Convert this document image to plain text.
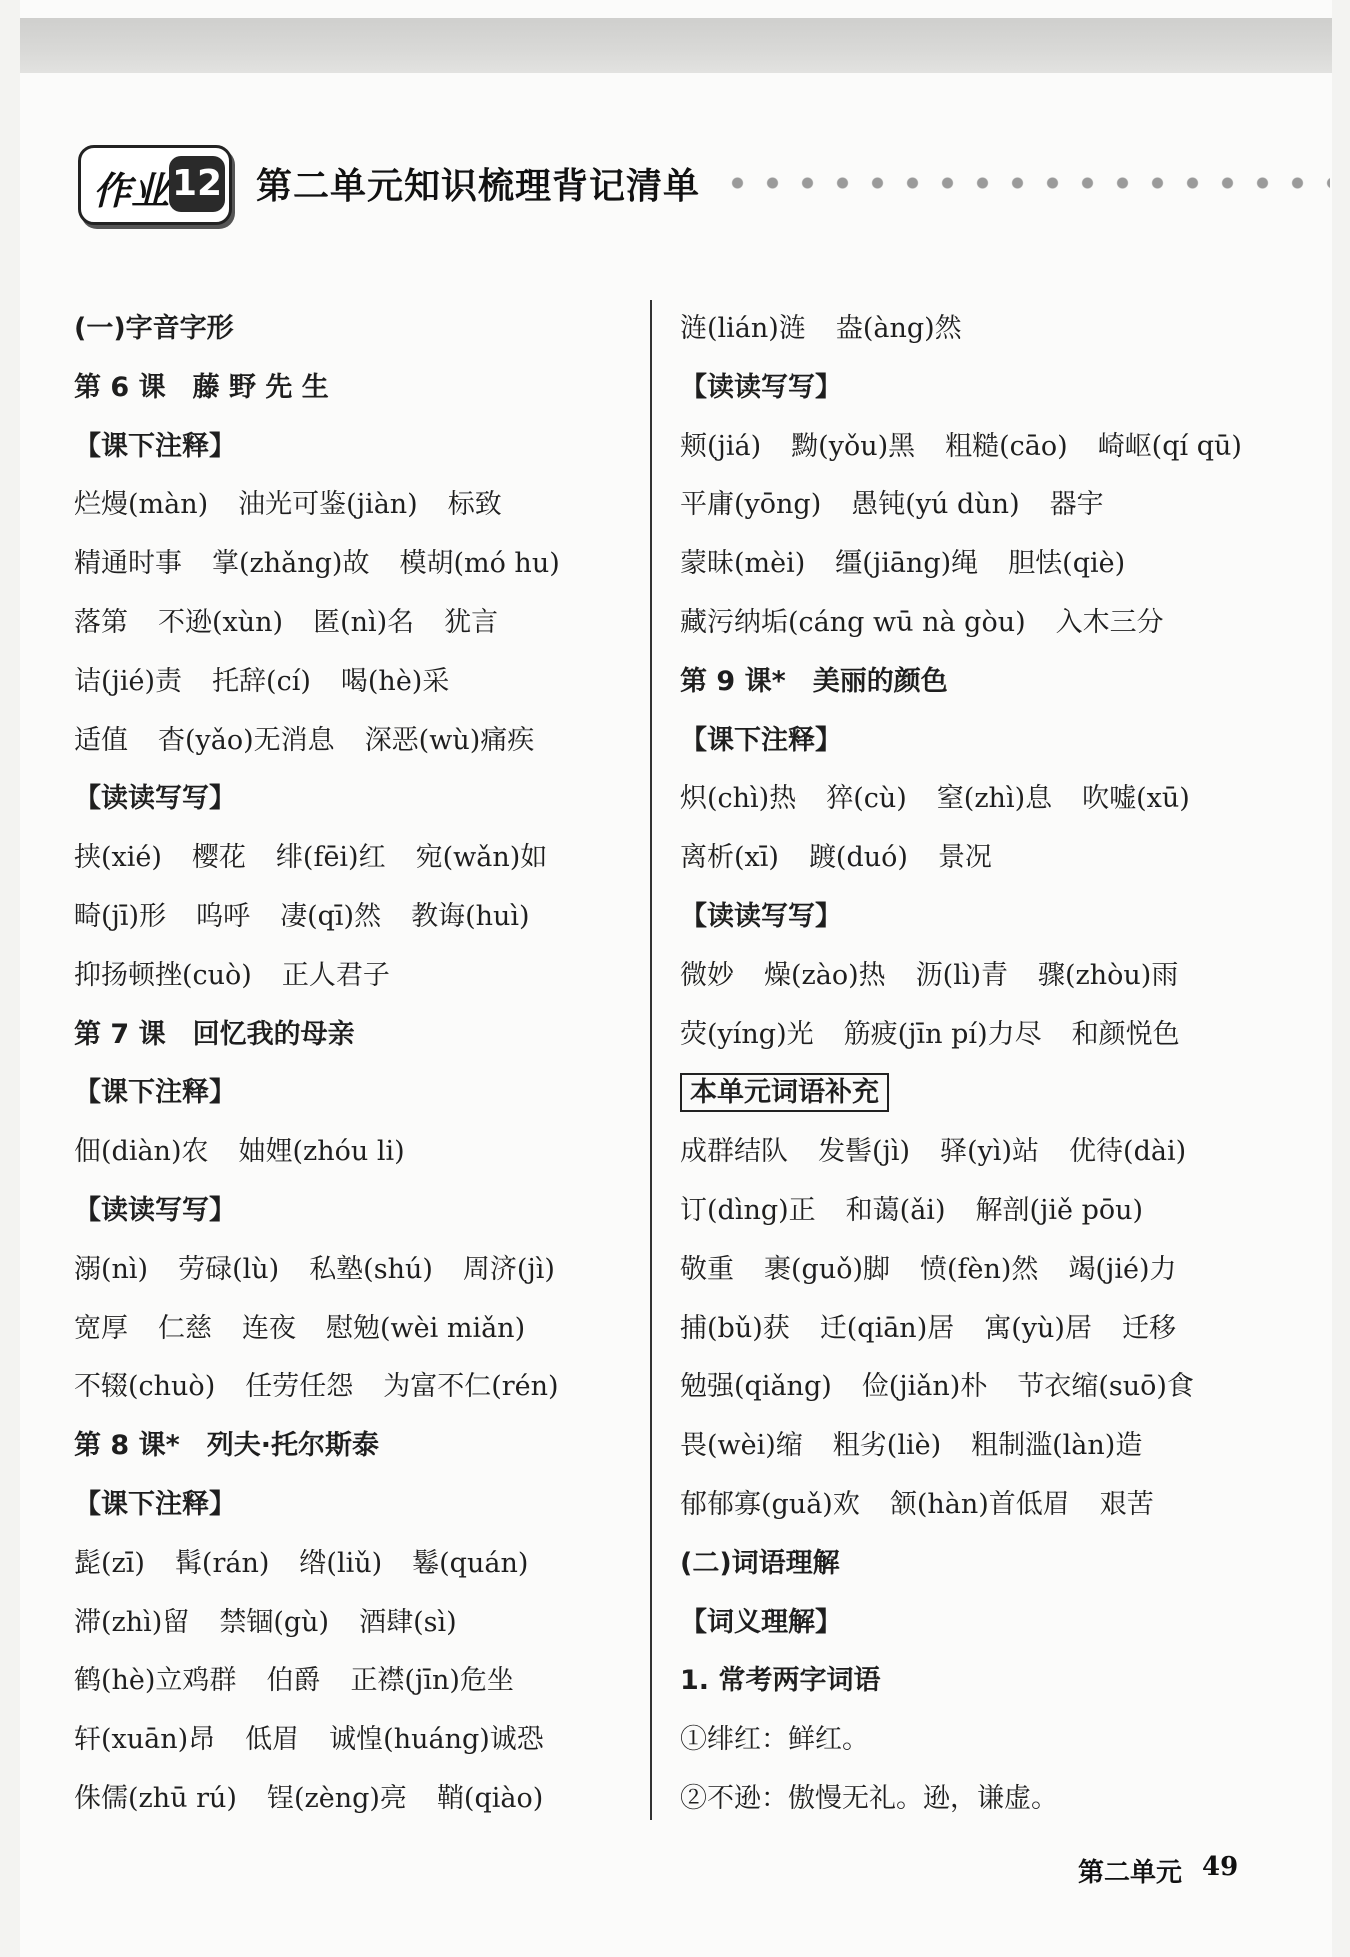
作业 12 第二单元知识梳理背记清单
(一)字音字形
第 6 课　藤 野 先 生
【课下注释】
烂熳(màn) 油光可鉴(jiàn) 标致
精通时事 掌(zhǎng)故 模胡(mó hu)
落第 不逊(xùn) 匿(nì)名 犹言
诘(jié)责 托辞(cí) 喝(hè)采
适值 杳(yǎo)无消息 深恶(wù)痛疾
【读读写写】
挟(xié) 樱花 绯(fēi)红 宛(wǎn)如
畸(jī)形 呜呼 凄(qī)然 教诲(huì)
抑扬顿挫(cuò) 正人君子
第 7 课　回忆我的母亲
【课下注释】
佃(diàn)农 妯娌(zhóu li)
【读读写写】
溺(nì) 劳碌(lù) 私塾(shú) 周济(jì)
宽厚 仁慈 连夜 慰勉(wèi miǎn)
不辍(chuò) 任劳任怨 为富不仁(rén)
第 8 课*　列夫·托尔斯泰
【课下注释】
髭(zī) 髯(rán) 绺(liǔ) 鬈(quán)
滞(zhì)留 禁锢(gù) 酒肆(sì)
鹤(hè)立鸡群 伯爵 正襟(jīn)危坐
轩(xuān)昂 低眉 诚惶(huáng)诚恐
侏儒(zhū rú) 锃(zèng)亮 鞘(qiào)
涟(lián)涟 盎(àng)然
【读读写写】
颊(jiá) 黝(yǒu)黑 粗糙(cāo) 崎岖(qí qū)
平庸(yōng) 愚钝(yú dùn) 器宇
蒙昧(mèi) 缰(jiāng)绳 胆怯(qiè)
藏污纳垢(cáng wū nà gòu) 入木三分
第 9 课*　美丽的颜色
【课下注释】
炽(chì)热 猝(cù) 窒(zhì)息 吹嘘(xū)
离析(xī) 踱(duó) 景况
【读读写写】
微妙 燥(zào)热 沥(lì)青 骤(zhòu)雨
荧(yíng)光 筋疲(jīn pí)力尽 和颜悦色
本单元词语补充
成群结队 发髻(jì) 驿(yì)站 优待(dài)
订(dìng)正 和蔼(ǎi) 解剖(jiě pōu)
敬重 裹(guǒ)脚 愤(fèn)然 竭(jié)力
捕(bǔ)获 迁(qiān)居 寓(yù)居 迁移
勉强(qiǎng) 俭(jiǎn)朴 节衣缩(suō)食
畏(wèi)缩 粗劣(liè) 粗制滥(làn)造
郁郁寡(guǎ)欢 颔(hàn)首低眉 艰苦
(二)词语理解
【词义理解】
1. 常考两字词语
①绯红：鲜红。
②不逊：傲慢无礼。逊，谦虚。
第二单元 49
